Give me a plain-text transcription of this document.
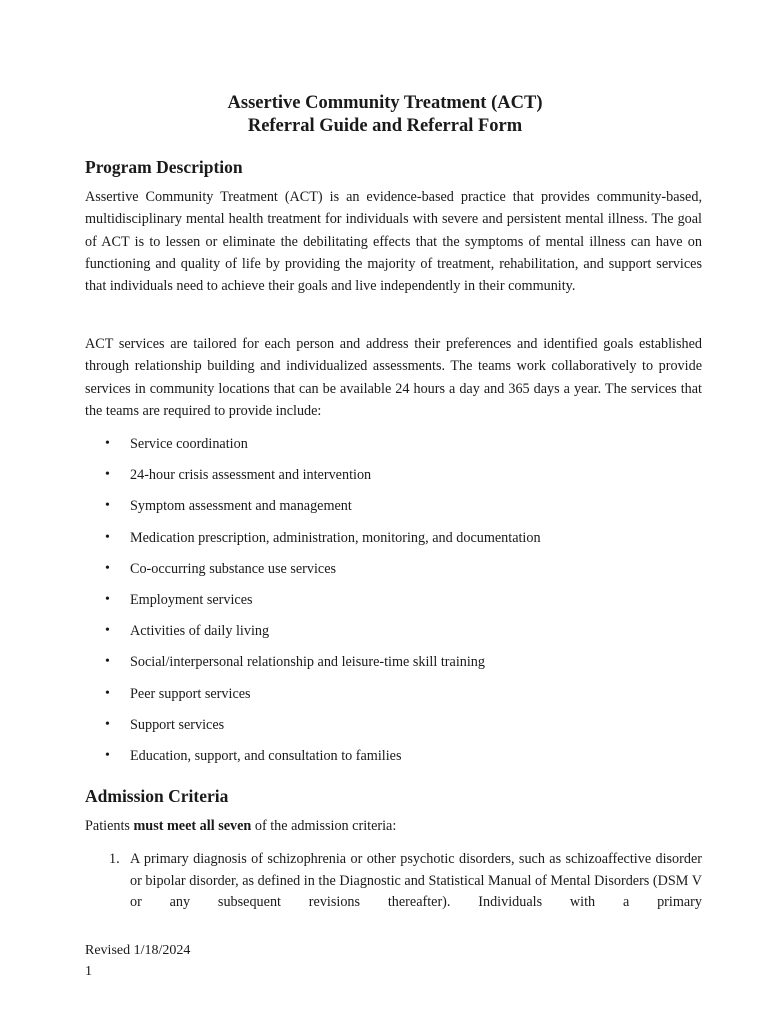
Assertive Community Treatment (ACT)
Referral Guide and Referral Form
Program Description

Assertive Community Treatment (ACT) is an evidence-based practice that provides community-based, multidisciplinary mental health treatment for individuals with severe and persistent mental illness. The goal of ACT is to lessen or eliminate the debilitating effects that the symptoms of mental illness can have on functioning and quality of life by providing the majority of treatment, rehabilitation, and support services that individuals need to achieve their goals and live independently in their community.

ACT services are tailored for each person and address their preferences and identified goals established through relationship building and individualized assessments. The teams work collaboratively to provide services in community locations that can be available 24 hours a day and 365 days a year. The services that the teams are required to provide include:

• Service coordination
• 24-hour crisis assessment and intervention
• Symptom assessment and management
• Medication prescription, administration, monitoring, and documentation
• Co-occurring substance use services
• Employment services
• Activities of daily living
• Social/interpersonal relationship and leisure-time skill training
• Peer support services
• Support services
• Education, support, and consultation to families
Admission Criteria
Patients must meet all seven of the admission criteria:
1. A primary diagnosis of schizophrenia or other psychotic disorders, such as schizoaffective disorder or bipolar disorder, as defined in the Diagnostic and Statistical Manual of Mental Disorders (DSM V or any subsequent revisions thereafter). Individuals with a primary
Revised 1/18/2024
1
